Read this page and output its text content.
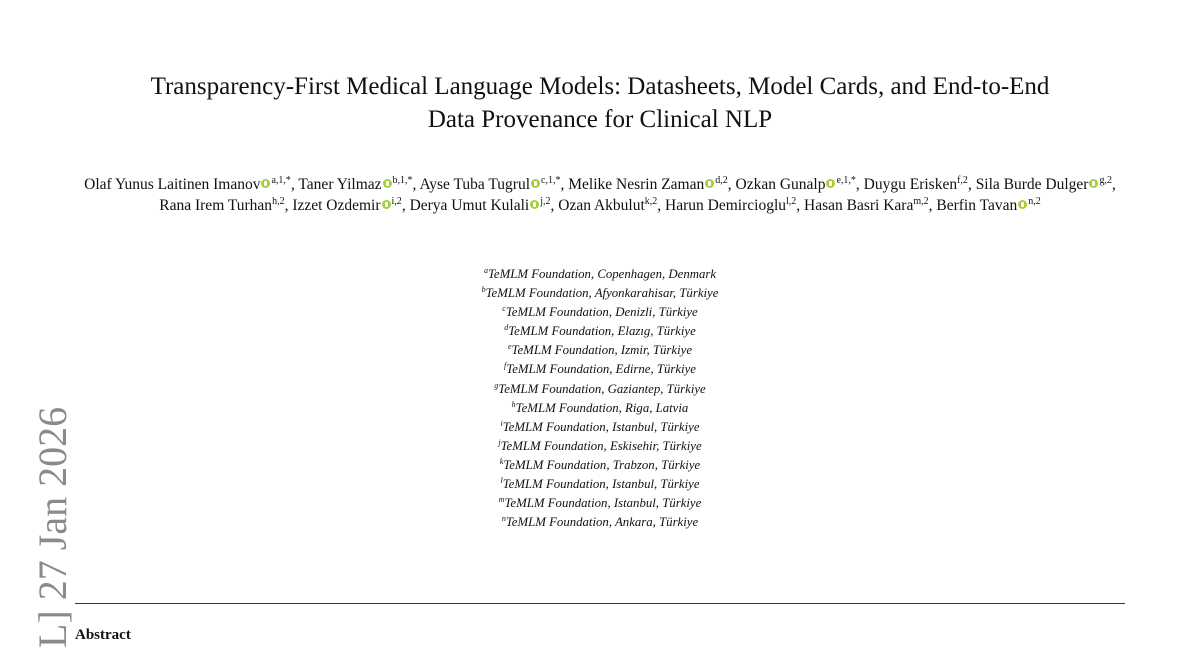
Transparency-First Medical Language Models: Datasheets, Model Cards, and End-to-End
Data Provenance for Clinical NLP
Olaf Yunus Laitinen Imanov $^{a,1,*}$, Taner Yilmaz $^{b,1,*}$, Ayse Tuba Tugrul $^{c,1,*}$, Melike Nesrin Zaman $^{d,2}$, Ozkan Gunalp $^{e,1,*}$, Duygu Erisken$^{f,2}$, Sila Burde Dulger $^{g,2}$, Rana Irem Turhan$^{h,2}$, Izzet Ozdemir $^{i,2}$, Derya Umut Kulali $^{j,2}$, Ozan Akbulut$^{k,2}$, Harun Demircioglu$^{l,2}$, Hasan Basri Kara$^{m,2}$, Berfin Tavan $^{n,2}$
$^a$TeMLM Foundation, Copenhagen, Denmark
$^b$TeMLM Foundation, Afyonkarahisar, Türkiye
$^c$TeMLM Foundation, Denizli, Türkiye
$^d$TeMLM Foundation, Elazıg, Türkiye
$^e$TeMLM Foundation, Izmir, Türkiye
$^f$TeMLM Foundation, Edirne, Türkiye
$^g$TeMLM Foundation, Gaziantep, Türkiye
$^h$TeMLM Foundation, Riga, Latvia
$^i$TeMLM Foundation, Istanbul, Türkiye
$^j$TeMLM Foundation, Eskisehir, Türkiye
$^k$TeMLM Foundation, Trabzon, Türkiye
$^l$TeMLM Foundation, Istanbul, Türkiye
$^m$TeMLM Foundation, Istanbul, Türkiye
$^n$TeMLM Foundation, Ankara, Türkiye
L] 27 Jan 2026 Abstract
